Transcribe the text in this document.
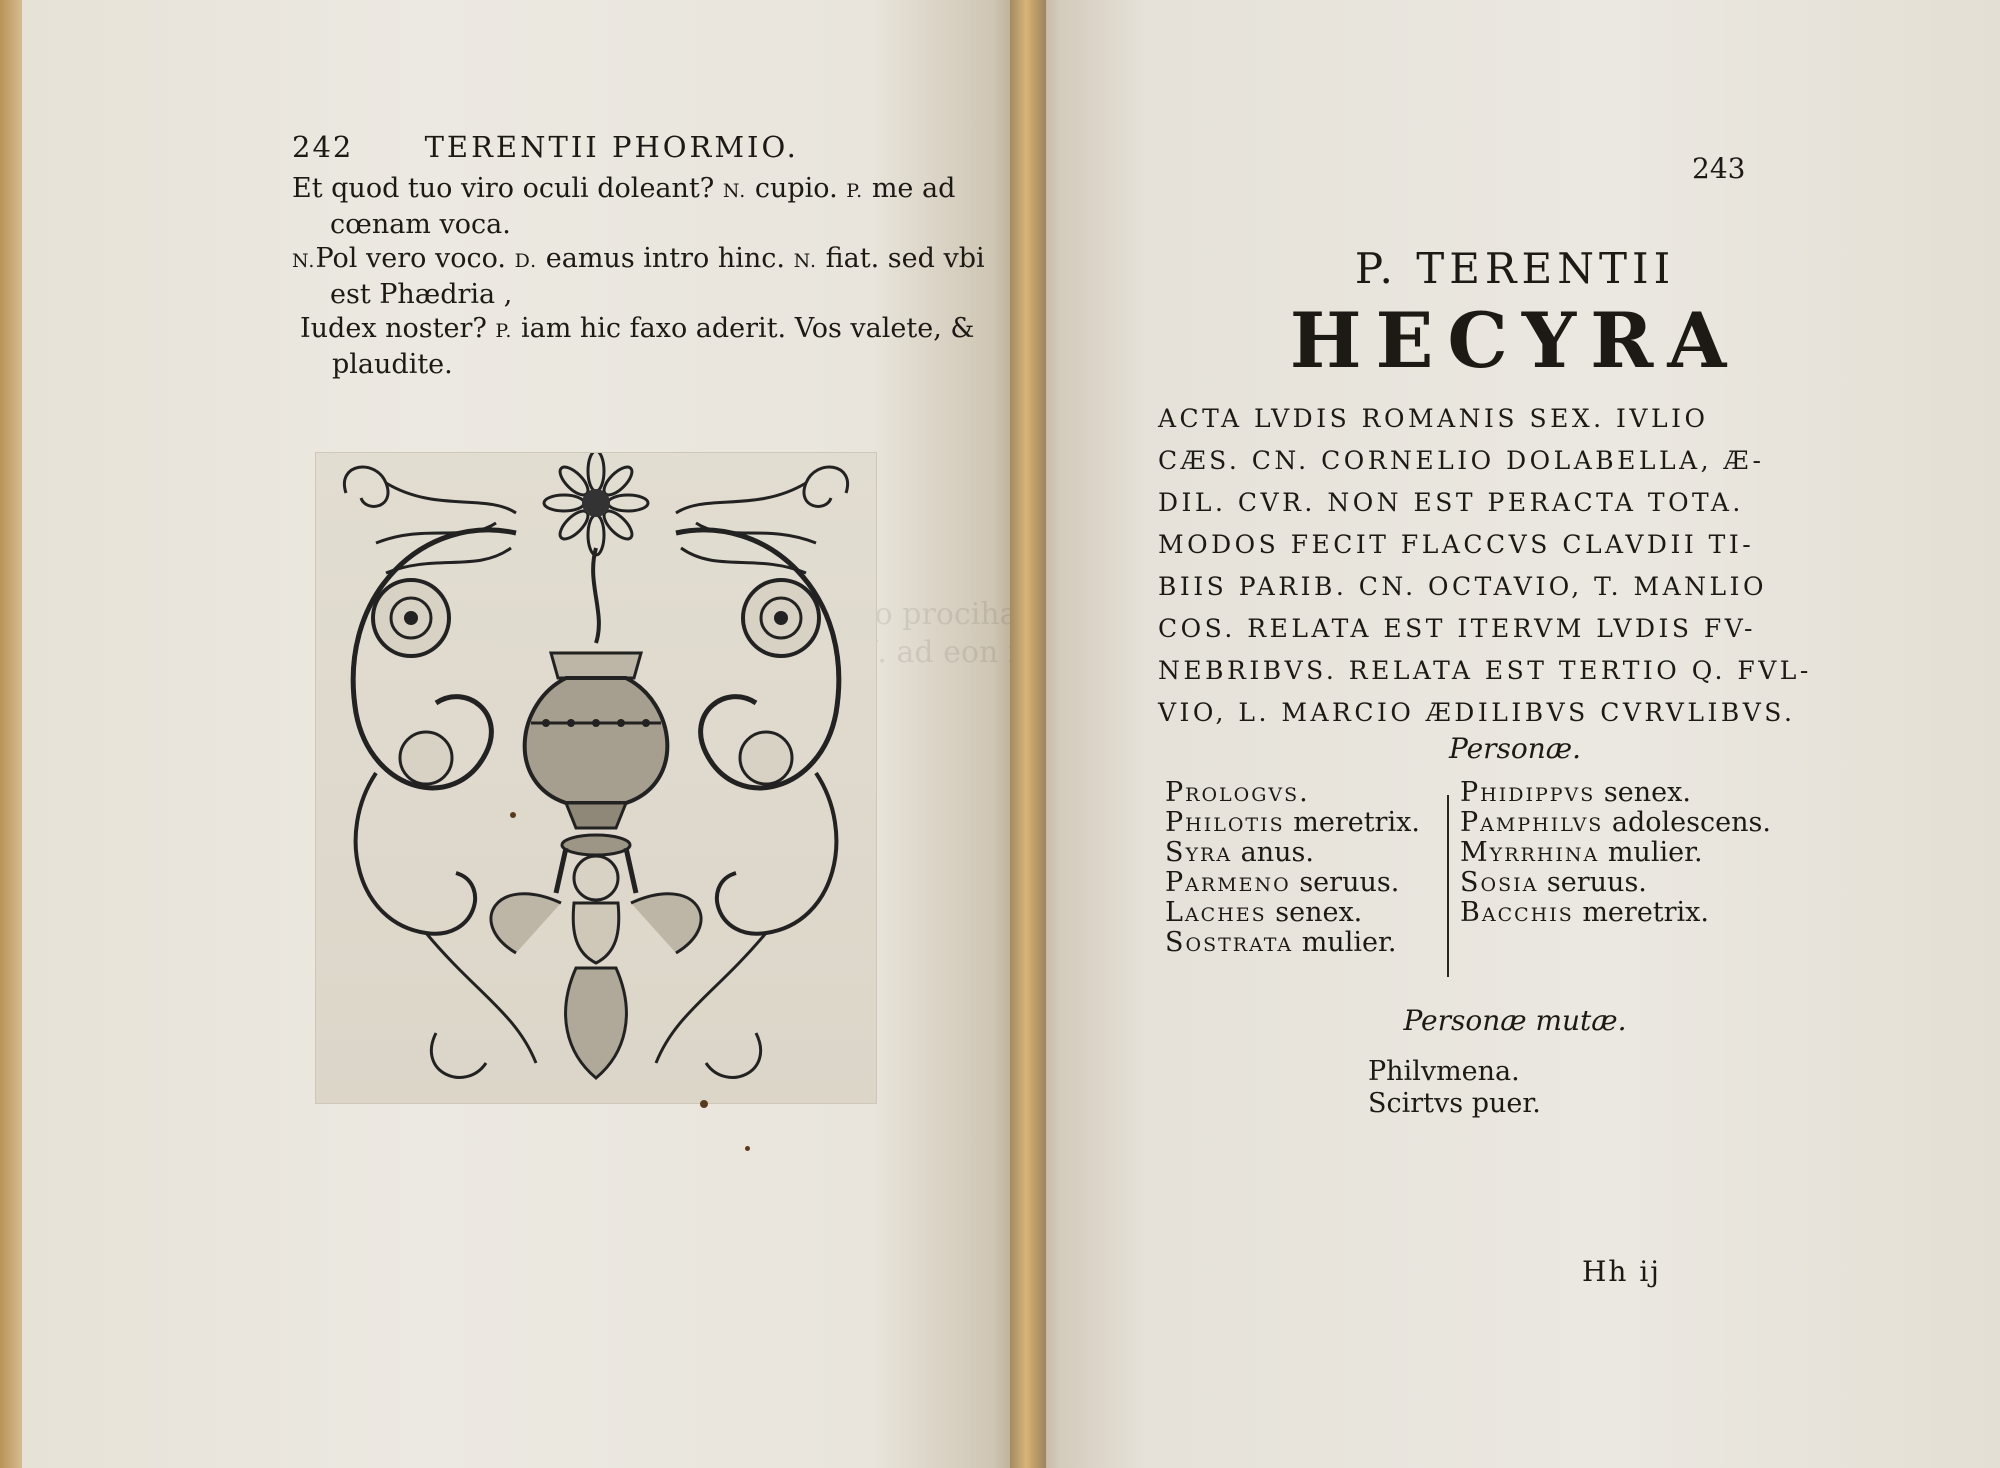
o
ad eon

242 TERENTII PHORMIO.
Et quod tuo viro oculi doleant? N. cupio. P. me ad
cœnam voca.
N.Pol vero voco. D. eamus intro hinc. N. fiat. sed vbi
est Phædria ,
Iudex noster? P. iam hic faxo aderit. Vos valete, &
plaudite.
243
P. TERENTII
HECYRA
ACTA LVDIS ROMANIS SEX. IVLIO
CÆS. CN. CORNELIO DOLABELLA, Æ-
DIL. CVR. NON EST PERACTA TOTA.
MODOS FECIT FLACCVS CLAVDII TI-
BIIS PARIB. CN. OCTAVIO, T. MANLIO
COS. RELATA EST ITERVM LVDIS FV-
NEBRIBVS. RELATA EST TERTIO Q. FVL-
VIO, L. MARCIO ÆDILIBVS CVRVLIBVS.
Personæ.
Prologvs.
Philotis meretrix.
Syra anus.
Parmeno seruus.
Laches senex.
Sostrata mulier.
Phidippvs senex.
Pamphilvs adolescens.
Myrrhina mulier.
Sosia seruus.
Bacchis meretrix.
Personæ mutæ.
Philvmena.
Scirtvs puer.
Hh ij
